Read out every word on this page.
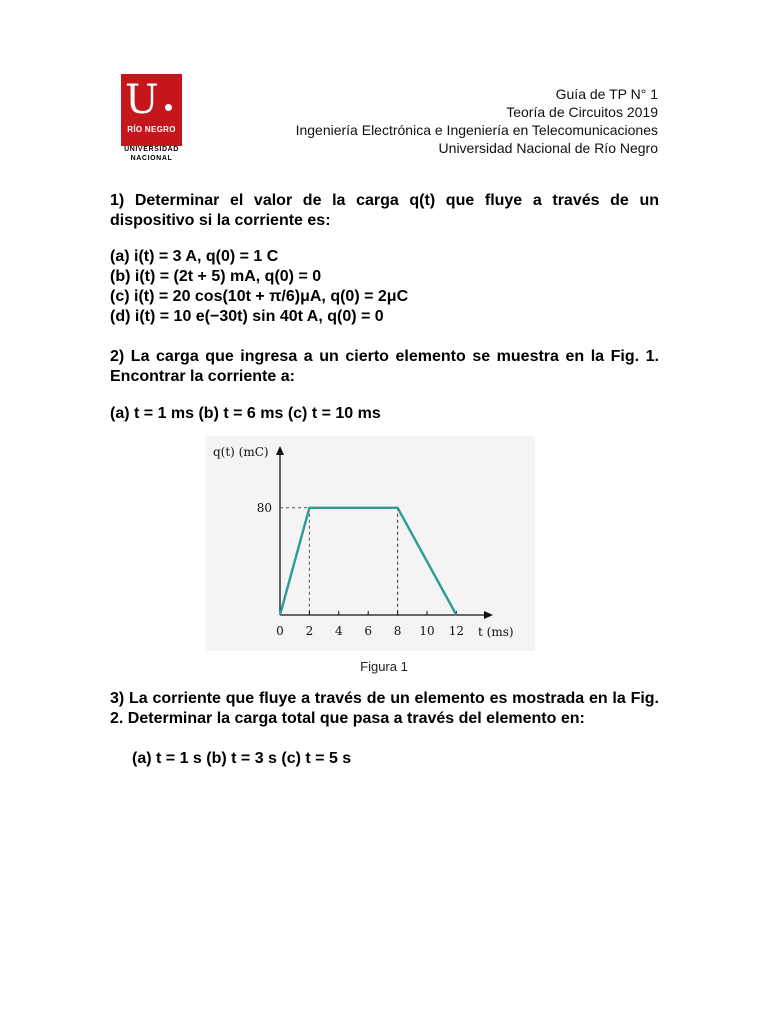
U
RÍO NEGRO
UNIVERSIDAD
NACIONAL
Guía de TP N° 1
Teoría de Circuitos 2019
Ingeniería Electrónica e Ingeniería en Telecomunicaciones
Universidad Nacional de Río Negro
1) Determinar el valor de la carga q(t) que fluye a través de un dispositivo si la corriente es:
(a) i(t) = 3 A, q(0) = 1 C
(b) i(t) = (2t + 5) mA, q(0) = 0
(c) i(t) = 20 cos(10t + π/6)μA, q(0) = 2μC
(d) i(t) = 10 e(−30t) sin 40t A, q(0) = 0
2) La carga que ingresa a un cierto elemento se muestra en la Fig. 1. Encontrar la corriente a:
(a) t = 1 ms (b) t = 6 ms (c) t = 10 ms
0 2 4 6 8 10 12
80
q(t) (mC)
t (ms)
Figura 1
3) La corriente que fluye a través de un elemento es mostrada en la Fig. 2. Determinar la carga total que pasa a través del elemento en:
(a) t = 1 s (b) t = 3 s (c) t = 5 s
